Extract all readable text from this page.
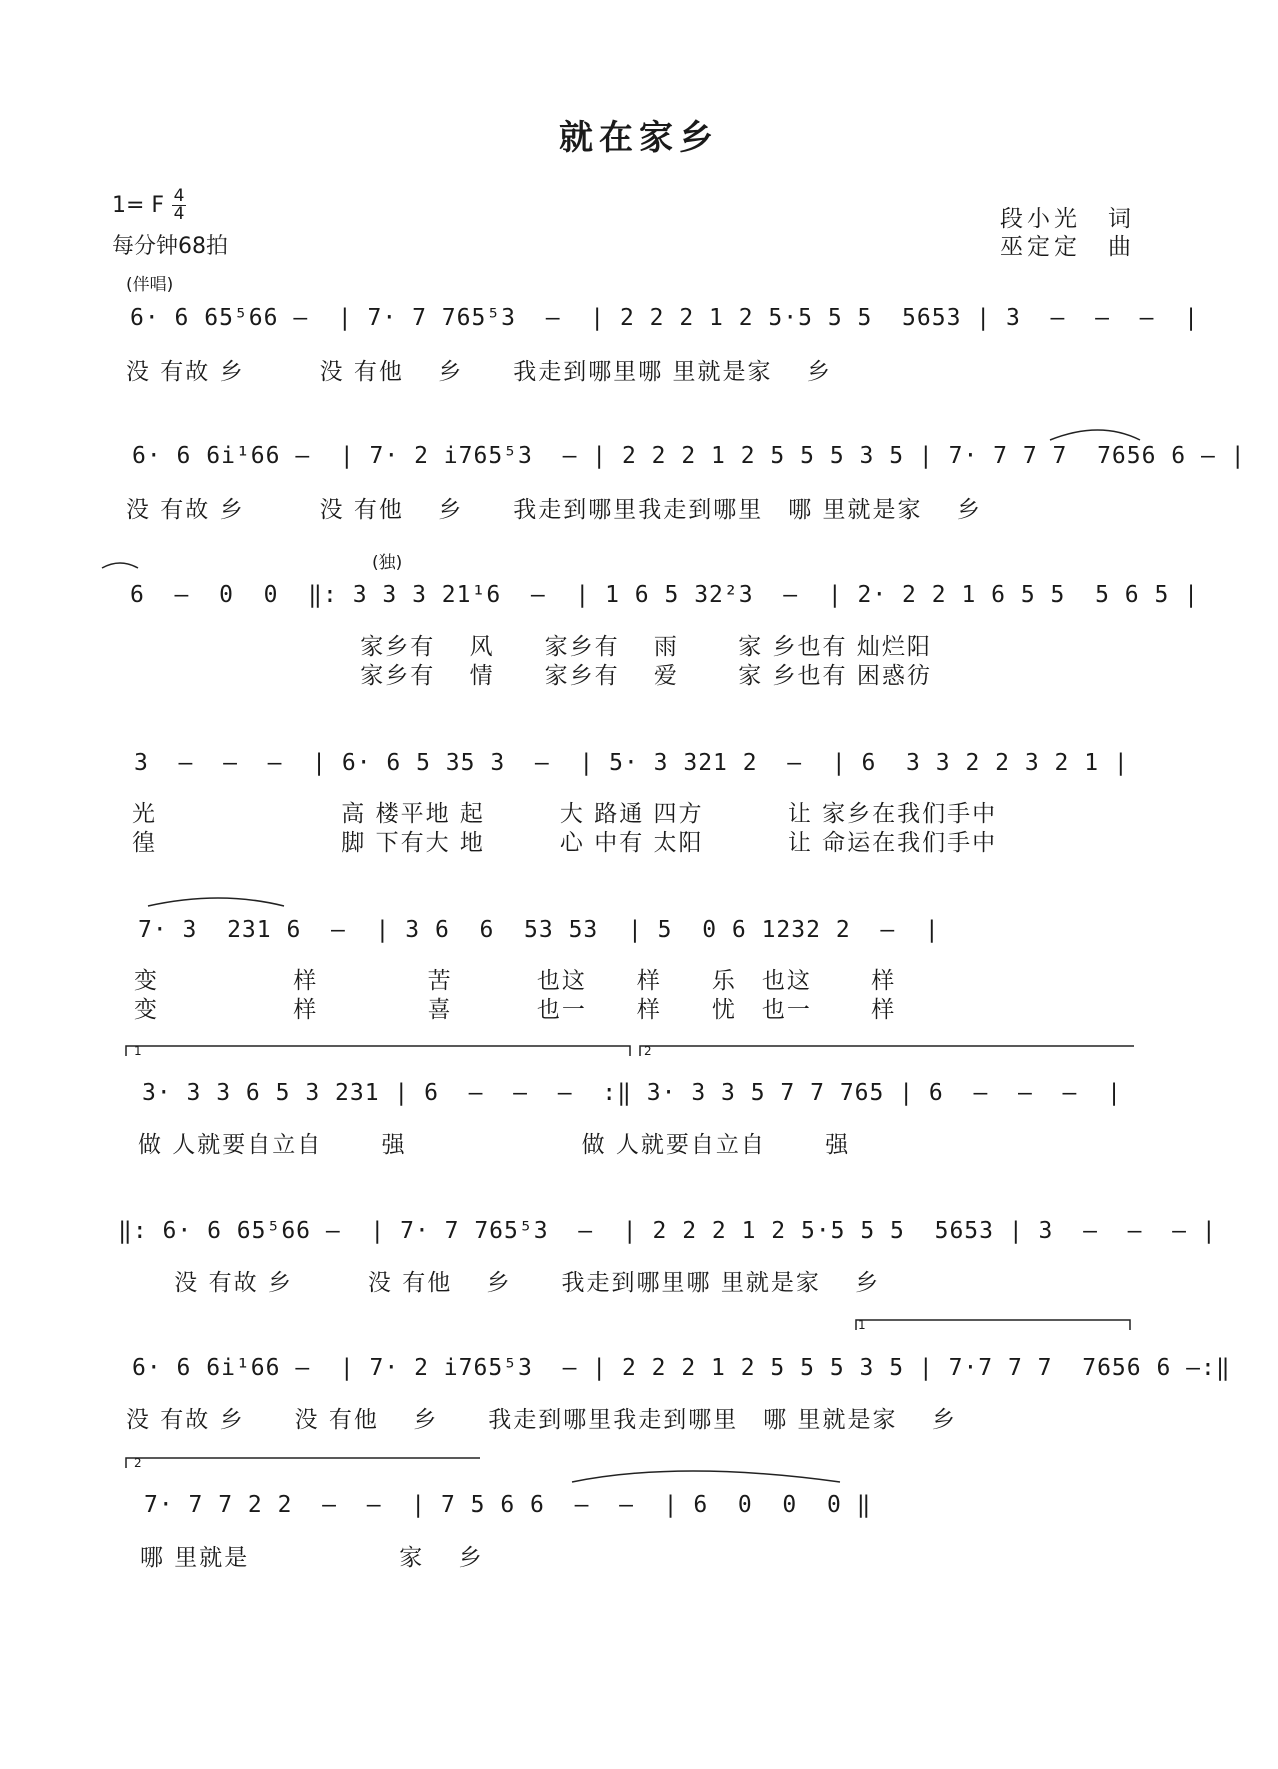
就在家乡
1= F 4
4
每分钟68拍
段小光　词
巫定定　曲
(伴唱)
(独)
1	2
1
2
6· 6 65⁵66 —  | 7· 7 765⁵3  —  | 2 2 2 1 2 5·5 5 5  5653 | 3  —  —  —  |
没 有故 乡　　　没 有他　 乡　　我走到哪里哪 里就是家　 乡
6· 6 6i¹66 —  | 7· 2 i765⁵3  — | 2 2 2 1 2 5 5 5 3 5 | 7· 7 7 7  7656 6 — |
没 有故 乡　　　没 有他　 乡　　我走到哪里我走到哪里　哪 里就是家　 乡
6  —  0  0  ‖: 3 3 3 21¹6  —  | 1 6 5 32²3  —  | 2· 2 2 1 6 5 5  5 6 5 |
　　　　　　　　　 家乡有　 风　　家乡有　 雨　　 家 乡也有 灿烂阳
　　　　　　　　　 家乡有　 情　　家乡有　 爱　　 家 乡也有 困惑彷
3  —  —  —  | 6· 6 5 35 3  —  | 5· 3 321 2  —  | 6  3 3 2 2 3 2 1 |
光　　　　　　　 高 楼平地 起　　　大 路通 四方　　　 让 家乡在我们手中
徨　　　　　　　 脚 下有大 地　　　心 中有 太阳　　　 让 命运在我们手中
7· 3  231 6  —  | 3 6  6  53 53  | 5  0 6 1232 2  —  |
变　　　　　 样　　　　 苦　　　 也这　　样　　乐　也这　　 样
变　　　　　 样　　　　 喜　　　 也一　　样　　忧　也一　　 样
3· 3 3 6 5 3 231 | 6  —  —  —  :‖ 3· 3 3 5 7 7 765 | 6  —  —  —  |
做 人就要自立自　　 强　　　　　　　做 人就要自立自　　 强
‖: 6· 6 65⁵66 —  | 7· 7 765⁵3  —  | 2 2 2 1 2 5·5 5 5  5653 | 3  —  —  — |
　 没 有故 乡　　　没 有他　 乡　　我走到哪里哪 里就是家　 乡
6· 6 6i¹66 —  | 7· 2 i765⁵3  — | 2 2 2 1 2 5 5 5 3 5 | 7·7 7 7  7656 6 —:‖
没 有故 乡　　没 有他　 乡　　我走到哪里我走到哪里　哪 里就是家　 乡
7· 7 7 2 2  —  —  | 7 5 6 6  —  —  | 6  0  0  0 ‖
哪 里就是　　　　　　家　 乡
